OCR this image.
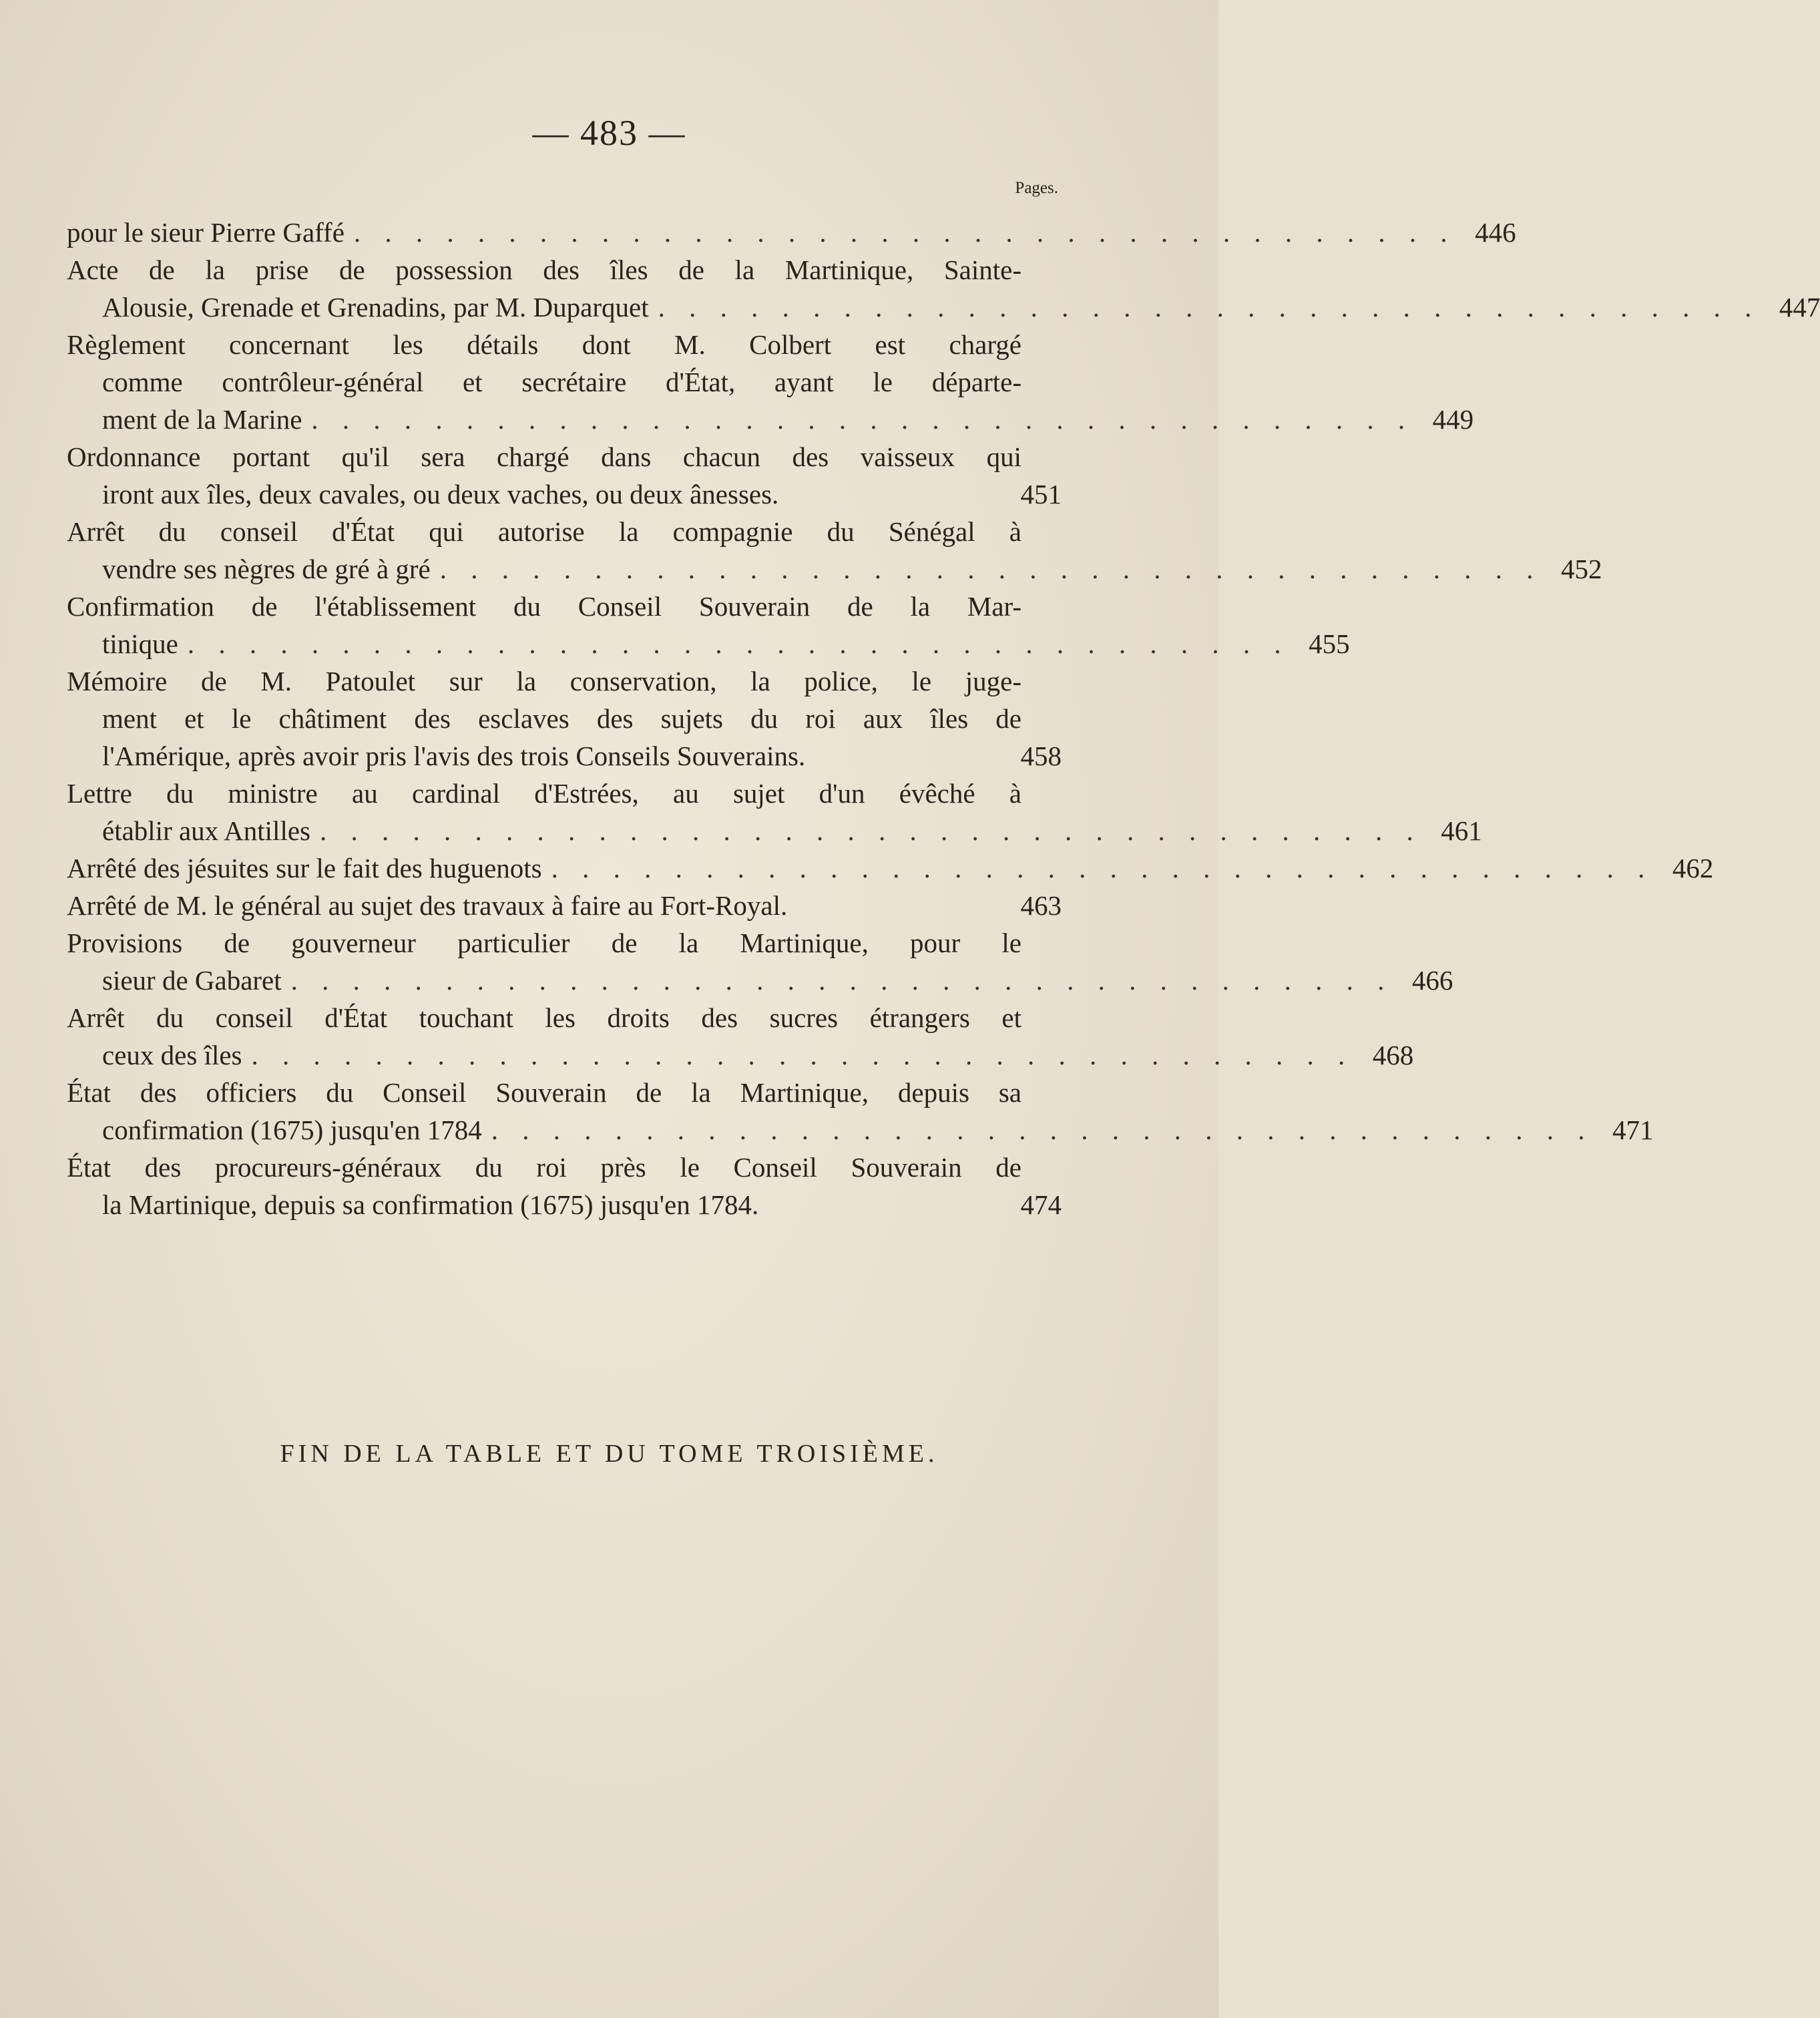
— 483 —
Pages.
pour le sieur Pierre Gaffé . . . . . . . . . . . . . . . . . . . . . . . . . . . . . . . . . . . . 446
Acte de la prise de possession des îles de la Martinique, Sainte-
Alousie, Grenade et Grenadins, par M. Duparquet . . . . . . . . . . . . . . . . . . . . . . . . . . . . . . . . . . . . 447
Règlement concernant les détails dont M. Colbert est chargé
comme contrôleur-général et secrétaire d'État, ayant le départe-
ment de la Marine . . . . . . . . . . . . . . . . . . . . . . . . . . . . . . . . . . . . 449
Ordonnance portant qu'il sera chargé dans chacun des vaisseux qui
iront aux îles, deux cavales, ou deux vaches, ou deux ânesses.	451
Arrêt du conseil d'État qui autorise la compagnie du Sénégal à
vendre ses nègres de gré à gré . . . . . . . . . . . . . . . . . . . . . . . . . . . . . . . . . . . . 452
Confirmation de l'établissement du Conseil Souverain de la Mar-
tinique . . . . . . . . . . . . . . . . . . . . . . . . . . . . . . . . . . . . 455
Mémoire de M. Patoulet sur la conservation, la police, le juge-
ment et le châtiment des esclaves des sujets du roi aux îles de
l'Amérique, après avoir pris l'avis des trois Conseils Souverains.	458
Lettre du ministre au cardinal d'Estrées, au sujet d'un évêché à
établir aux Antilles . . . . . . . . . . . . . . . . . . . . . . . . . . . . . . . . . . . . 461
Arrêté des jésuites sur le fait des huguenots . . . . . . . . . . . . . . . . . . . . . . . . . . . . . . . . . . . . 462
Arrêté de M. le général au sujet des travaux à faire au Fort-Royal.	463
Provisions de gouverneur particulier de la Martinique, pour le
sieur de Gabaret . . . . . . . . . . . . . . . . . . . . . . . . . . . . . . . . . . . . 466
Arrêt du conseil d'État touchant les droits des sucres étrangers et
ceux des îles . . . . . . . . . . . . . . . . . . . . . . . . . . . . . . . . . . . . 468
État des officiers du Conseil Souverain de la Martinique, depuis sa
confirmation (1675) jusqu'en 1784 . . . . . . . . . . . . . . . . . . . . . . . . . . . . . . . . . . . . 471
État des procureurs-généraux du roi près le Conseil Souverain de
la Martinique, depuis sa confirmation (1675) jusqu'en 1784.	474
FIN DE LA TABLE ET DU TOME TROISIÈME.
